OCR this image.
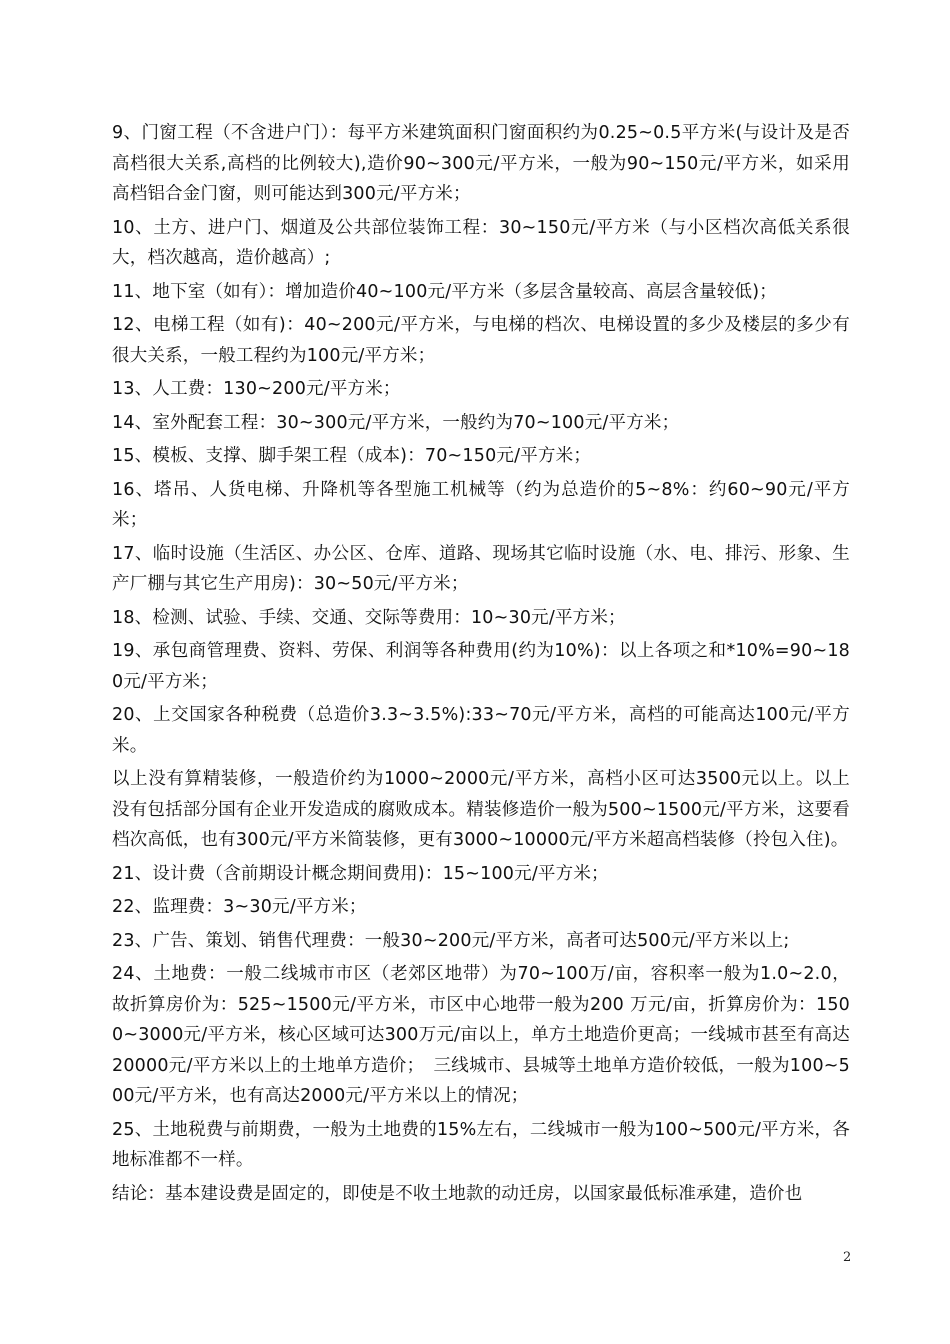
9、门窗工程（不含进户门）：每平方米建筑面积门窗面积约为0.25~0.5平方米(与设计及是否高档很大关系,高档的比例较大),造价90~300元/平方米，一般为90~150元/平方米，如采用高档铝合金门窗，则可能达到300元/平方米；

10、土方、进户门、烟道及公共部位装饰工程：30~150元/平方米（与小区档次高低关系很大，档次越高，造价越高）;

11、地下室（如有）：增加造价40~100元/平方米（多层含量较高、高层含量较低)；

12、电梯工程（如有)：40~200元/平方米，与电梯的档次、电梯设置的多少及楼层的多少有很大关系，一般工程约为100元/平方米；

13、人工费：130~200元/平方米；

14、室外配套工程：30~300元/平方米，一般约为70~100元/平方米；

15、模板、支撑、脚手架工程（成本)：70~150元/平方米；

16、塔吊、人货电梯、升降机等各型施工机械等（约为总造价的5~8%：约60~90元/平方米；

17、临时设施（生活区、办公区、仓库、道路、现场其它临时设施（水、电、排污、形象、生产厂棚与其它生产用房)：30~50元/平方米；

18、检测、试验、手续、交通、交际等费用：10~30元/平方米；

19、承包商管理费、资料、劳保、利润等各种费用(约为10%)：以上各项之和*10%=90~180元/平方米；

20、上交国家各种税费（总造价3.3~3.5%):33~70元/平方米，高档的可能高达100元/平方米。

以上没有算精装修，一般造价约为1000~2000元/平方米，高档小区可达3500元以上。以上没有包括部分国有企业开发造成的腐败成本。精装修造价一般为500~1500元/平方米，这要看档次高低，也有300元/平方米简装修，更有3000~10000元/平方米超高档装修（拎包入住)。

21、设计费（含前期设计概念期间费用)：15~100元/平方米；

22、监理费：3~30元/平方米；

23、广告、策划、销售代理费：一般30~200元/平方米，高者可达500元/平方米以上;

24、土地费：一般二线城市市区（老郊区地带）为70~100万/亩，容积率一般为1.0~2.0，故折算房价为：525~1500元/平方米，市区中心地带一般为200 万元/亩，折算房价为：1500~3000元/平方米，核心区域可达300万元/亩以上，单方土地造价更高；一线城市甚至有高达20000元/平方米以上的土地单方造价；　三线城市、县城等土地单方造价较低，一般为100~500元/平方米，也有高达2000元/平方米以上的情况；

25、土地税费与前期费，一般为土地费的15%左右，二线城市一般为100~500元/平方米，各地标准都不一样。

结论：基本建设费是固定的，即使是不收土地款的动迁房，以国家最低标准承建，造价也

2
